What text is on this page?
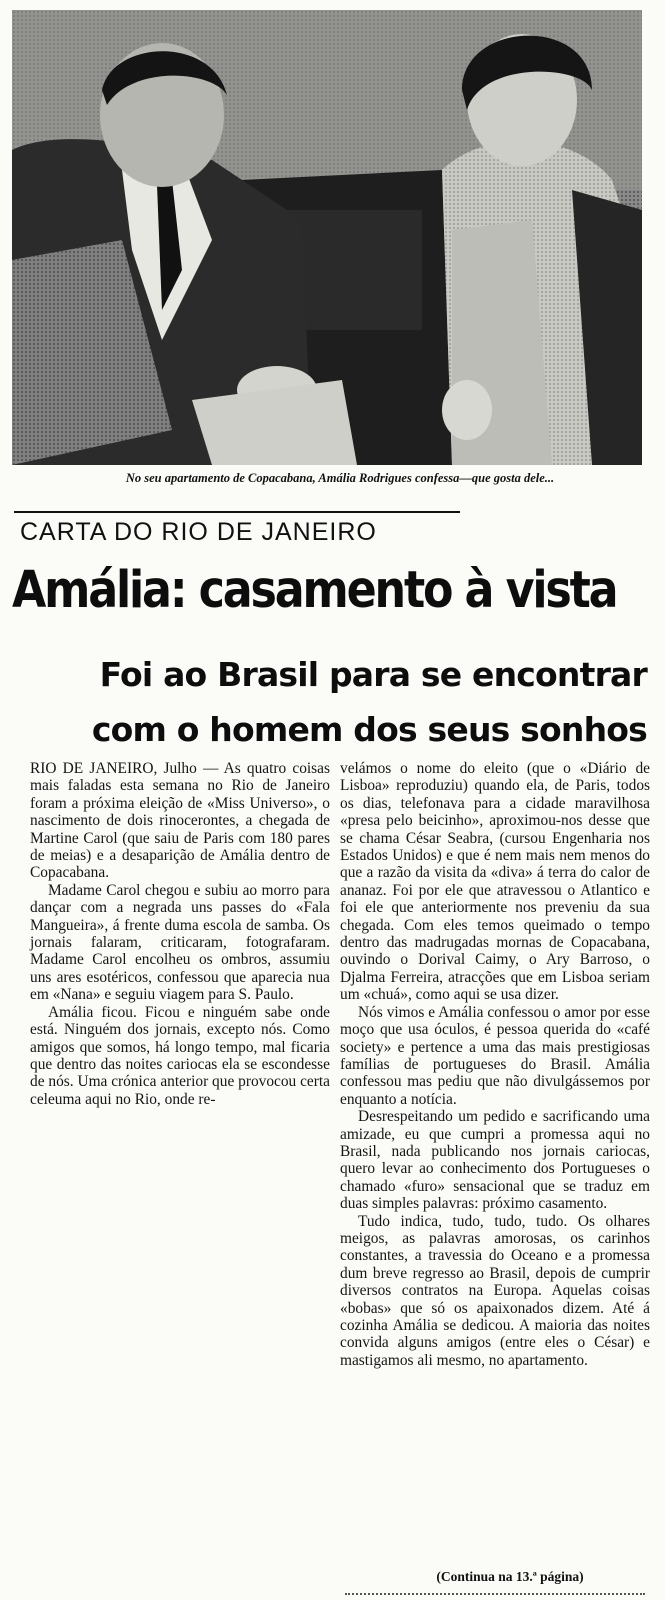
No seu apartamento de Copacabana, Amália Rodrigues confessa—que gosta dele...
CARTA DO RIO DE JANEIRO
Amália: casamento à vista
Foi ao Brasil para se encontrar
com o homem dos seus sonhos

RIO DE JANEIRO, Julho — As quatro coisas mais faladas esta semana no Rio de Janeiro foram a próxima eleição de «Miss Universo», o nascimento de dois rinocerontes, a chegada de Martine Carol (que saiu de Paris com 180 pares de meias) e a desaparição de Amália dentro de Copacabana.

Madame Carol chegou e subiu ao morro para dançar com a negrada uns passes do «Fala Mangueira», á frente duma escola de samba. Os jornais falaram, criticaram, fotografaram. Madame Carol encolheu os ombros, assumiu uns ares esotéricos, confessou que aparecia nua em «Nana» e seguiu viagem para S. Paulo.

Amália ficou. Ficou e ninguém sabe onde está. Ninguém dos jornais, excepto nós. Como amigos que somos, há longo tempo, mal ficaria que dentro das noites cariocas ela se escondesse de nós. Uma crónica anterior que provocou certa celeuma aqui no Rio, onde re-

velámos o nome do eleito (que o «Diário de Lisboa» reproduziu) quando ela, de Paris, todos os dias, telefonava para a cidade maravilhosa «presa pelo beicinho», aproximou-nos desse que se chama César Seabra, (cursou Engenharia nos Estados Unidos) e que é nem mais nem menos do que a razão da visita da «diva» á terra do calor de ananaz. Foi por ele que atravessou o Atlantico e foi ele que anteriormente nos preveniu da sua chegada. Com eles temos queimado o tempo dentro das madrugadas mornas de Copacabana, ouvindo o Dorival Caimy, o Ary Barroso, o Djalma Ferreira, atracções que em Lisboa seriam um «chuá», como aqui se usa dizer.

Nós vimos e Amália confessou o amor por esse moço que usa óculos, é pessoa querida do «café society» e pertence a uma das mais prestigiosas famílias de portugueses do Brasil. Amália confessou mas pediu que não divulgássemos por enquanto a notícia.

Desrespeitando um pedido e sacrificando uma amizade, eu que cumpri a promessa aqui no Brasil, nada publicando nos jornais cariocas, quero levar ao conhecimento dos Portugueses o chamado «furo» sensacional que se traduz em duas simples palavras: próximo casamento.

Tudo indica, tudo, tudo, tudo. Os olhares meigos, as palavras amorosas, os carinhos constantes, a travessia do Oceano e a promessa dum breve regresso ao Brasil, depois de cumprir diversos contratos na Europa. Aquelas coisas «bobas» que só os apaixonados dizem. Até á cozinha Amália se dedicou. A maioria das noites convida alguns amigos (entre eles o César) e mastigamos ali mesmo, no apartamento.

(Continua na 13.ª página)
